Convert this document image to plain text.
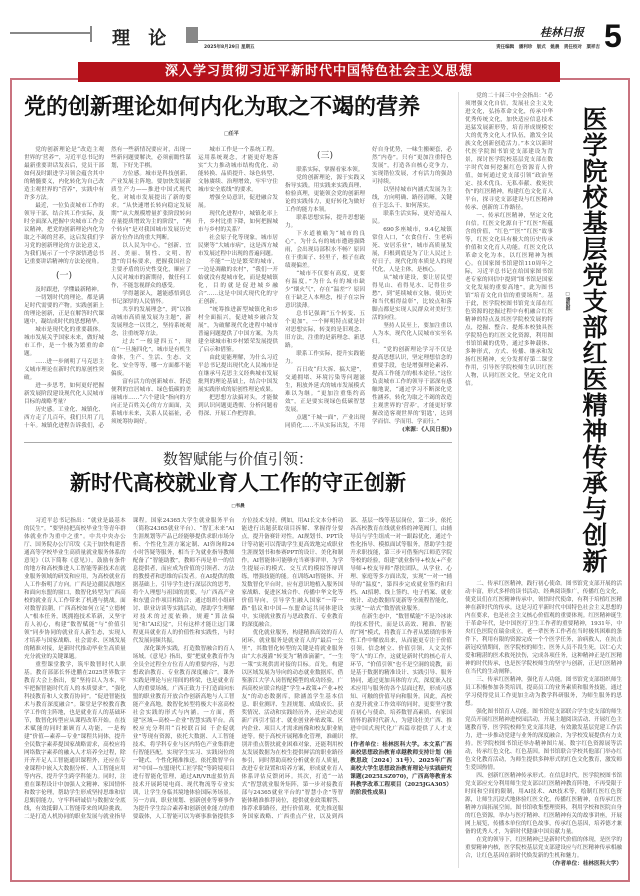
理 论	2025年8月29日 星期五
桂林日报
责任编辑 潘利珍 版式 姚晨 责任校对 粟祥吉 5
深入学习贯彻习近平新时代中国特色社会主义思想
党的创新理论如何内化为取之不竭的营养
□任平

党的创新理论是“改造主观世界的‘营养’”，习近平总书记的最新重要讲话发表后，党员干部如何及时跟进学习领会蕴含其中的精髓要义，内化转化为自己改造主观世界的“营养”，实践中有许多方法。

最近，一位负责城市工作的领导干部，结合其工作实际，及时全面深入把握中央城市工作会议精神，把党的创新理论内化为取之不竭的营养，这启发我们学习党的创新理论的方法论意义，为我们展示了一个学深悟透总书记重要讲话精神的方法论视角。

(一)

及时跟进，学懂最新精神。

一切划时代的理论，都是满足时代需要的产物。实践创新上的理论创新，正是在解答时代课题中，凝结成时代的思想精华。

城市是现代化的重要载体。城市发展关乎国家未来，做好城市工作，是一个极为繁重的命题。

……进一步阐明了马克思主义城市理论在新时代的原创性突破。

进一步思考，如何更好把握新发展阶段建设现代化人民城市目标的战略考量？

历史感。工业化、城镇化、西方走了几百年，我们只用了几十年。城镇化进程告诉我们，必然有一些新情况要应对，出现一些新问题要解决，必须前瞻性谋划，下好先手棋。

方位感。城市是科技创新、产业发展主阵地。要加快发展新质生产力——推进中国式现代化，对城市发展提出了新的要求。“从快速增长转向稳定发展期”“从大规模增量扩张阶段转向存量提质增效为主的阶段”，“两个转向”是对我国城市发展历史新方位作出的重大判断。

以人民为中心。“创新、宜居、美丽、韧性、文明、智慧”的目标要求，把握我国社会主要矛盾的历史性变化，顺应了人民对城市的新期待，做任何工作，不能忽视群众的感受。

学得越深入，越能感悟到总书记深厚的人民情怀。

共享的发展理念”，到“以推动城市高质量发展为主题”，新发展理念一以贯之，坚持系统观念，注重统筹方法。

过去“一般建四五”，现在“一旦施四化”，城市是有机生命体，生产、生活、生态、文化、安全等等，哪一方面都不能偏废。

富有活力的创新城市、舒适便利的宜居城市、绿色低碳的美丽城市……“六个建设”指向的方向正是百姓关心的方方面面，关系城市未来，关系人民福祉，必须统筹协调好。

城市工作是一个系统工程。运用系统观念，才能更好地落实“大力推动城市结构优化、动能转换、品质提升、绿色转型、文脉赓续、治理增效，牢牢守住城市安全底线”的要求。

增强全局意识，促进融合发展。

现代化进程中，城镇化率上升，乡村比重下降，如何把握城市与乡村的关系？

社会原子化等现象，城市居民聚等“大城市病”，这是西方城市发展过程中出现的普遍问题。

不能“一边是繁荣的城市，一边是凋敝的农村”，“我们一开始就没有提城市化，而是提城镇化，目的就是促进城乡融合”……这是中国式现代化的守正创新。

“统筹推进新型城镇化和乡村全面振兴，促进城乡融合发展”，为破解现代化进程中城市普遍问题提供了中国方案，为共建全球城市和乡村繁荣发展提供了启示和借鉴。

由此更能理解，为什么习近平总书记提出现代化人民城市是在继承马克思主义经典城市发展批判的理论基础上，结合中国发展实践形成的原创性理论成果。

把思想方法搞对头，才能做到认识问题更透彻、分析问题看得深、开展工作把得准。

(三)

联系实际，掌握看家本领。

党的创新理论，源于实践又指导实践。用实践来实践真理、检验真理，更能领会党的创新理论的实践伟力，更好转化为做好工作的能力本领。

联系思想实际，提升思想能力。

下水道被喻为“城市的良心”，为什么有的城市遭遇强降雨，会出现局部积水不畅？原因在于重面子、轻里子，根子在政绩观偏差。

“城市不仅要有高度，更要有温度。”为什么有的城市缺少“烟火气”，存在“温差”？原因在于缺乏人本理念，根子在宗旨意识淡薄。

总书记强调“五个转变、五个更加”，一个鲜明特点就是针对思想实际，转变的是旧观念、旧方法，注重的是新理念、新思路。

联系工作实际，提升实践能力。

百日攻“归大拆、搞大建”，交通拥堵、环境污染等问题滋生，粗放外延式的城市发展模式难以为继。“更加注重集约高效”，正是要实现绿色低碳智慧发展。

点题“千城一面”，产业出现同质化……不从实际出发，不用好自身优势，一味生搬硬套，必然“内卷”。只有“更加注重特色发展”，打造各自核心竞争力，实现错位发展，才有活力的强劲可持续。

以坚持城市内涵式发展为主线，方向明确、路径清晰，关键在于怎么干、如何落实。

联系生活实际，更好造福人民。

690多座城市，9.4亿城镇常住人口，“衣食住行、生老病死、安居乐业”，城市高质量发展，归根到底是为了让人民过上好日子，现代化的本质是人的现代化，人是主体，是核心。

从“城市建设，要让居民望得见山、看得见水、记得住乡愁”，到“延续城市文脉，使历史和当代相得益彰”，比较点和落脚点都是实现人民群众对美好生活的向往。

坚持人民至上，要加注重以人为本，现代化人民城市实至名归。

“党的创新理论学习不仅是提高思想认识，坚定理想信念的重要手段，也是增强理论素养、提高工作能力的根本途径。”这位负责城市工作的领导干部深有感触地说，“通过学习不断深化党性涵养，转化为取之不竭的改造主观世界的‘营养’，才能更好掌握改造客观世界的‘钥匙’，达到学而信、学而用、学而行。”

(来源：《人民日报》)

数智赋能与价值引领：
新时代高校就业育人工作的守正创新
□韦晨

习近平总书记指出：“就业是最基本的民生”。“要坚持把高校毕业生等青年群体就业作为重中之重”。中共中央办公厅、国务院办公厅印发《关于加快构建普通高等学校毕业生高质量就业服务体系的意见》（以下简称《意见》），鼓励有条件的地方和高校推进人工智能等新技术在就业服务领域的研发和应用，为高校就业育人工作指明了方向。广西是边疆民族地区和面向东盟的窗口，数智化转型为广西高校的就业育人工作带来了机遇与挑战。面对数智浪潮，广西高校如何立足“立德树人”根本任务，既拥抱技术革新，又坚守育人初心，构建“数智赋能”与“价值引领”同步协同的就业育人新生态，实现人才培养与国家战略、社会需求、区域发展的精准对接，是新时代推动毕业生高质量充分就业的关键课题。

重塑课堂教学，筑牢数智时代人职基。教育部部长怀进鹏在2025世界数字教育大会上指出，要“坚持以人为本，牢牢把握智能时代育人的本质要求”，“强化科技教育和人文教育协同”。“促进智能技术与教育深度融合”。课堂是学校教育教学工作的主阵地，也是就业育人的基础环节，数智化转型应从课程改革开始。在技术赋能的同时兼顾育人功能，一是构建“价值—素养—专业”课程共同体，提升全民数字素养提国家战略需求，高校应将网络数字素养的融入人才培养全过程，除开齐开足人工智能通识课程外，还应在专业课程中嵌入大数据分析、人工智能应用等内容，提升学生跨学科能力。同时，注重在课程设计中加强人文精神、家国情怀和数字伦理，帮助学生形成坚持思维和信息甄别能力，守牢科研诚信与数据安全底线，有效抵御人工智能带来的风险挑战。二是打造人机协同的职业发展与就业指导课程。国家24365大学生就业服务平台（简称24365就业平台）、“智汇未来”AI生涯规划等产品已经能够提供求职市场分析、个性化生涯方案定制、AI咨询师24小时答疑等服务，相当于为就业指导教师配备了“智能助教”，教师不再是单一的信息提供者，而应成为价值的引领者、方法的教授者和思维的启发者。在AI提供的数据基础上，引导学生进行深层次的思考，将个人理想与祖国的需要，与广西高产业和东盟合作项目相结合；通过组织小组研讨、职业访谈等实践活动，帮助学生理解对技术的过度依赖，规避“算法偏见”和“AI幻觉”，只有这样才能让这门课程更具就业育人的价值性和实践性，与时代发展同频共振。

深化课外实践，打造数智融合的育人场域。《意见》指出，要“把就业教育作为全员全过程全方位育人的重要内容，与思想政治教育、专业教育深度融合”。课外实践是理论与应用间的桥梁，也是就业育人的重要场域。广西正致力于打造面向东盟的职业教育开放合作创新高地与人工智能产业高地，数智化转型将极大丰富高校社会实践的形式与内涵。一方面，搭建“区域—高校—企业”智慧实践平台。高校应充分利用“百校联百园 千企促就业”等现有资源，依托大数据、人工智能技术，将学科专业与区内特色产业集群进行智能匹配，实现学生实习、实践岗位的一键式、个性化精准推送。依托数智平台对“中国—东盟现代工匠学院”等跨境项目进行智能化管理，通过AR/VR虚拟仿真技术开展跨境电商、现代物流等专业实训，让学生身临其境地体验国际务场景。另一方面，职业规划、创新创业等赛事作为提升学生综合素养和创新创业能力的重要载体，人工智能可以为赛事准备提供多方位技术支持。例如，用AI长文本分析功能进行出题获取项目拆解、掌握得分要点，提升备赛针对性。AI规划书、PPT设计等功能可以帮助学生更高效地完成职业生涯规划书和参赛PPT的设计、美化和制作。AI智能体可能够充当赛事评审，为学生提展示的模式、交互式的模拟答辩训练，增强技能的能。在训练AI智能体、开发数智化平台时，应有意识地植入服务国家战略、促进区域合作、传播中华文化等价值导向，引导学生融入国家“一带一路”倡议和中国—东盟命运共同体建设中，实现就业教育与思政教育、专业教育的深度融合。

优化就业服务，构建精准高效的育人闭环。就业服务是就业育人的“最后一公里”，其数智化转型的关键是将就业服务由“大水漫灌”转变为“精准滴灌”，“一生一策”实现供需对接的目标。首先，构建以区域发展为导向的动态就业数据库，借鉴浙江大学人岗智配模型的成功经验，广西高校应联合构建“学生+政策+产业+校友”的动态数据库，除涵盖学生基本信息、职业测评、生涯规划、成绩成长、获奖情况、活动和实践经历外，还应动态更新广西引才留才、就业创业补贴政策、区内企业、项目人才需求画像和校友职业轨迹等。便于高校开展精准化管理，准确识别并重点帮扶就业困难对象，还能利用校友发展数据为在校生提供鲜活的职业路径参引，同时帮助高校分析就业育人质量，改进专业设置和培养方案，形成就业育人体系评估反馈闭环。其次，打造“一站式”智慧就业服务矩阵，第一步对接教育部与24365就业平台的“智慧小企”等智能体精准推荐岗位，提供就业政策解答、推荐求职路径，进行价值观、优先推送服务国家战略、广西重点产业，以及到西部、基层一线等基层岗位，第二步，依托各高校教育在线就业桥的神笔阀门，由辅导员与学生组成一对一跟踪优化，通过个性化指导、模拟面试等服务，帮助学生提升求职技能，第三步可借鉴内江师范学院等校的经验，组建“就业指导+校友+产业导师+校友导师”帮扶团队，从学业、心理、家庭等多方面出发，实现“一对一”辅导的“温度”，第四步完成就业签约和归档、AI招聘、线上签约、电子档案、就业统计、动态数据库更新等全流程智能化，实现“一站式”数智就业服务。

在新生态中，“数智赋能”不是冷冰冰的技术替代，而是以高效、精准、智能的“网”模式，将教育工作者从繁琐的事务性工作中解放出来，从而能更专注于价值引领、信念树立、价值引领、人文关怀等“人”的工作，这就是新时代的核心育人环节，“价值引领”也不是空洞的说教，而是基于数据的精准设计、实践引导、服务协同，通过更加具体的方式，深度嵌入技术应用与服务的各个层面过程，形成可感知、可触的价值导向和服务。因此，高校在提升就业工作效率的同时，更要坚守教育初心与使命，培养数智高素质、有家国情怀的新时代新人，为建设壮美广西、推进中国式现代化广西篇章提供了人才支撑。

[作者单位：桂林医科大学。本文系广西高校思想政治教育卓越教师支持计划（桂教思政〔2024〕31号）、2025年广西高校大学生思想政治教育理论与实践研究课题(2025LSZ070)，广西高等教育本科教学改革工程项目（2025JGA305）的阶段性成果]

党的二十届三中全会指出：“必须增强文化自信，发展社会主义先进文化，弘扬革命文化，传承中华优秀传统文化，加快适应信息技术迅猛发展新形势，培育形成规模宏大的优秀文化人才队伍，激发全民族文化创新创造活力。”本文以新时代医学院图书馆党支部建设为背景，探讨医学院校基层党支部在数字时代如何挖掘红色资源育人价值，如何通过党支部引领“政治坚定、技术优良、无私奉献、救死扶伤”的红医精神，构建红色文化育人平台，探寻党支部建设与红医精神传承、创新的工作路径。

一、传承红医精神，坚定文化自信。红医文化源自于“红医”所蕴含的价值，“红色”“医”“红医”故事等，红医文化具有极大的历史传承价值和文化育人功能。红医文化以革命文化为本，以红医精神为核心。在国家图书馆建馆110周年之际，习近平总书记在给国家图书馆老专家的回信中提到“图书馆是国家文化发展的重要高地”，此为图书馆“培育文化自信的重要场所”。基于此，医学院校图书馆党支部在红色资源的挖掘过程中有机融合红医精神的特点及其医学院校发展的特点，挖掘、整合、提炼本校独具医学院特色的红医文化资源，利用图书馆馆藏的优势，通过多种载体、多种形式，方式、传播、继承和发扬红医精神，充分发挥好第二课堂作用，引导医学院校师生认识红医人物，认同红医文化，坚定文化自信。	医学院校基层党支部红医精神传承与创新
□潘凯群

二、传承红医精神，践行初心使命。图书馆党支部开展的活动丰富，形式多样的读书活动、经典阅读推广，传播红色文化，使党员们在红医精神传承中，领悟时代使命，有利于培植红医精神在新时代的传承。这是习近平新时代中国特色社会主义思想的内在要求，也是社会主义核心价值观的重要体现。红医精神诞生于革命年代，是中国医疗卫生工作者的重要精神，1931年，中央红色医院在瑞金成立，老一辈医务工作者在当时极其困难的条件下，利用有限的资源完成一个个医学任务，治病救人，在抗击新冠疫情期间，医学院校的师生、医务人员不畏生死，以仁心大爱和精湛的医术救死扶伤，完成各项任务，这种精神正是红医精神的时代传承，也是医学院校师生的坚守与创新，正是红医精神在当代的生动阐释。

三、传承红医精神，强化育人功能。图书馆党支部组织师生员工积极参加各类培训，提高员工的业务素质和服务技能，通过学习使得党员工作更加主动为教学科研服务，为师生服务的思想。

强化图书馆育人功能。图书馆党支部联合学生党支部的师生党员开展红医精神进校园活动，开展主题阅读活动、开展红色主题教育等，医学院校师生党支部共建，有效激发基层党建工作活力，进一步推动党建与业务的深度融合，为学校发展提供有力支持。医学院校图书馆还举办精神图片展、数字红色资源展等活动，传承红色文化、红色基因。图书馆联合学校其他部门举办红色文化教育活动，为师生提供多种形式的红色文化教育，激发师生爱国热情。

四、创新红医精神传承形式。在信息时代，医学院校图书馆党支部应充分利用师生党支部以红医精神教育阵地，不再受限于时间和空间的限制，用AI技术、AR技术等，绘制红医红色资源，让师生沉浸式地体验红医文化，传播红医精神，在传承红医精神方面拓展空间。图书馆收集整理资料，利用学校和医院自身的红色资源，举办与医疗精神、红医精神有关的故事讲座，开展网上展览，传播本单位的红色故事，传承红色基因，培养德才兼备的优秀人才，为新时代健康中国贡献力量。

在党的领导下，红医精神已是新时代价值的体现，是医学的重要精神内核，医学院校基层党支部建设应与红医精神传承相融合，让红色基因在新时代焕发新的生机和魅力。

（作者单位：桂林医科大学）
